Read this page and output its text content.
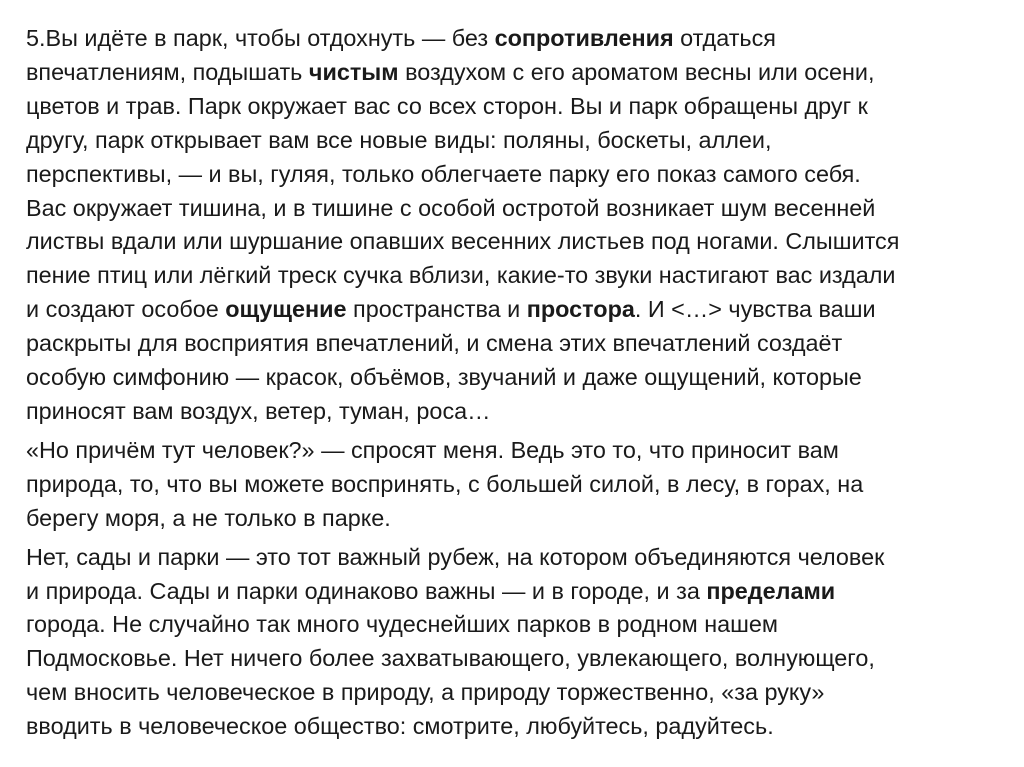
5.Вы идёте в парк, чтобы отдохнуть — без сопротивления отдаться
впечатлениям, подышать чистым воздухом с его ароматом весны или осени,
цветов и трав. Парк окружает вас со всех сторон. Вы и парк обращены друг к
другу, парк открывает вам все новые виды: поляны, боскеты, аллеи,
перспективы, — и вы, гуляя, только облегчаете парку его показ самого себя.
Вас окружает тишина, и в тишине с особой остротой возникает шум весенней
листвы вдали или шуршание опавших весенних листьев под ногами. Слышится
пение птиц или лёгкий треск сучка вблизи, какие-то звуки настигают вас издали
и создают особое ощущение пространства и простора. И <…> чувства ваши
раскрыты для восприятия впечатлений, и смена этих впечатлений создаёт
особую симфонию — красок, объёмов, звучаний и даже ощущений, которые
приносят вам воздух, ветер, туман, роса…
«Но причём тут человек?» — спросят меня. Ведь это то, что приносит вам
природа, то, что вы можете воспринять, с большей силой, в лесу, в горах, на
берегу моря, а не только в парке.
Нет, сады и парки — это тот важный рубеж, на котором объединяются человек
и природа. Сады и парки одинаково важны — и в городе, и за пределами
города. Не случайно так много чудеснейших парков в родном нашем
Подмосковье. Нет ничего более захватывающего, увлекающего, волнующего,
чем вносить человеческое в природу, а природу торжественно, «за руку»
вводить в человеческое общество: смотрите, любуйтесь, радуйтесь.
